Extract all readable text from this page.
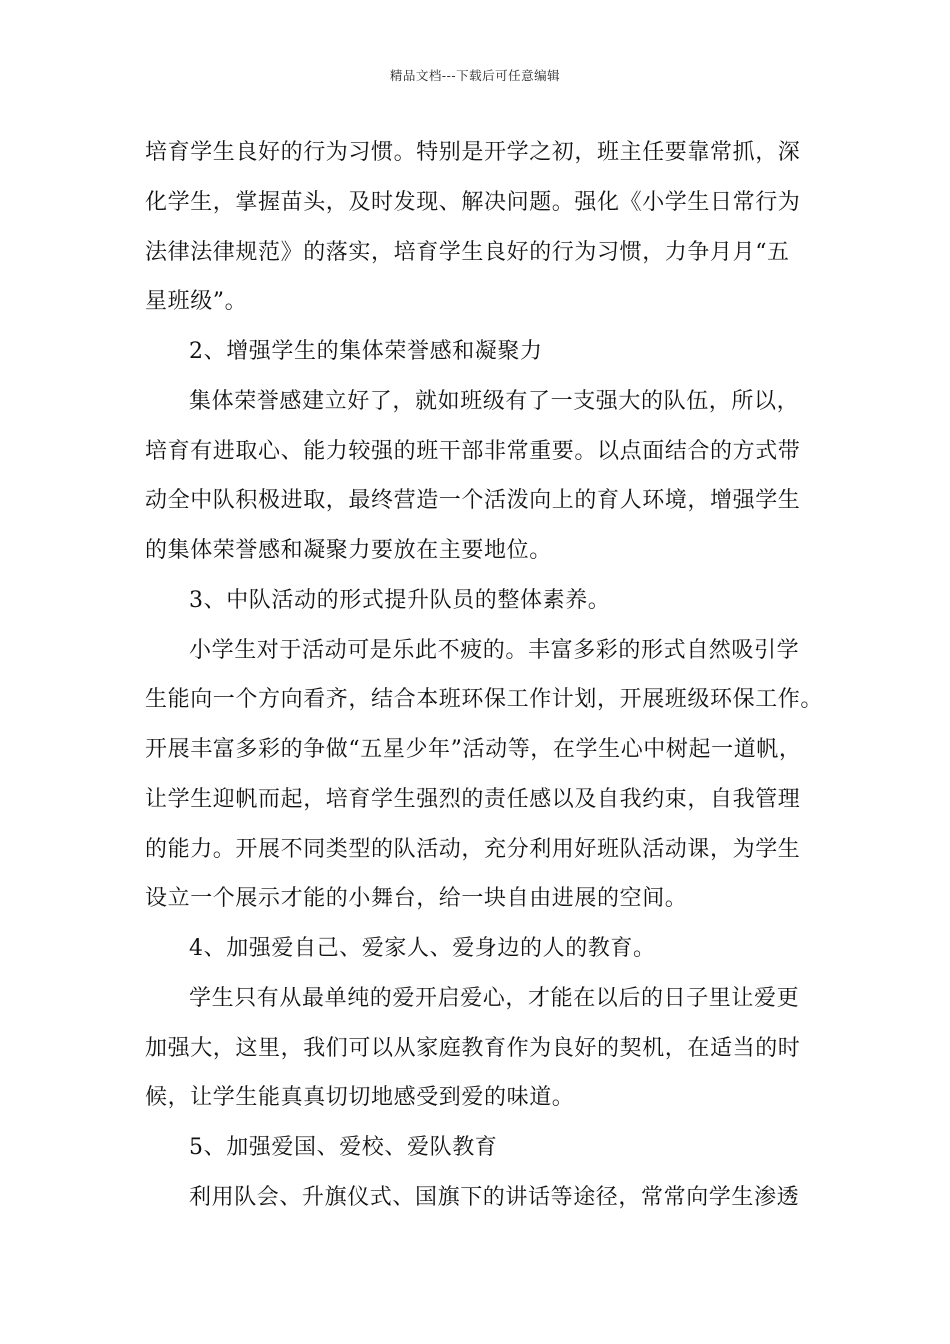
精品文档---下载后可任意编辑
培育学生良好的行为习惯。特别是开学之初，班主任要靠常抓，深
化学生，掌握苗头，及时发现、解决问题。强化《小学生日常行为
法律法律规范》的落实，培育学生良好的行为习惯，力争月月“五
星班级”。
2、增强学生的集体荣誉感和凝聚力
集体荣誉感建立好了，就如班级有了一支强大的队伍，所以，
培育有进取心、能力较强的班干部非常重要。以点面结合的方式带
动全中队积极进取，最终营造一个活泼向上的育人环境，增强学生
的集体荣誉感和凝聚力要放在主要地位。
3、中队活动的形式提升队员的整体素养。
小学生对于活动可是乐此不疲的。丰富多彩的形式自然吸引学
生能向一个方向看齐，结合本班环保工作计划，开展班级环保工作。
开展丰富多彩的争做“五星少年”活动等，在学生心中树起一道帆，
让学生迎帆而起，培育学生强烈的责任感以及自我约束，自我管理
的能力。开展不同类型的队活动，充分利用好班队活动课，为学生
设立一个展示才能的小舞台，给一块自由进展的空间。
4、加强爱自己、爱家人、爱身边的人的教育。
学生只有从最单纯的爱开启爱心，才能在以后的日子里让爱更
加强大，这里，我们可以从家庭教育作为良好的契机，在适当的时
候，让学生能真真切切地感受到爱的味道。
5、加强爱国、爱校、爱队教育
利用队会、升旗仪式、国旗下的讲话等途径，常常向学生渗透
